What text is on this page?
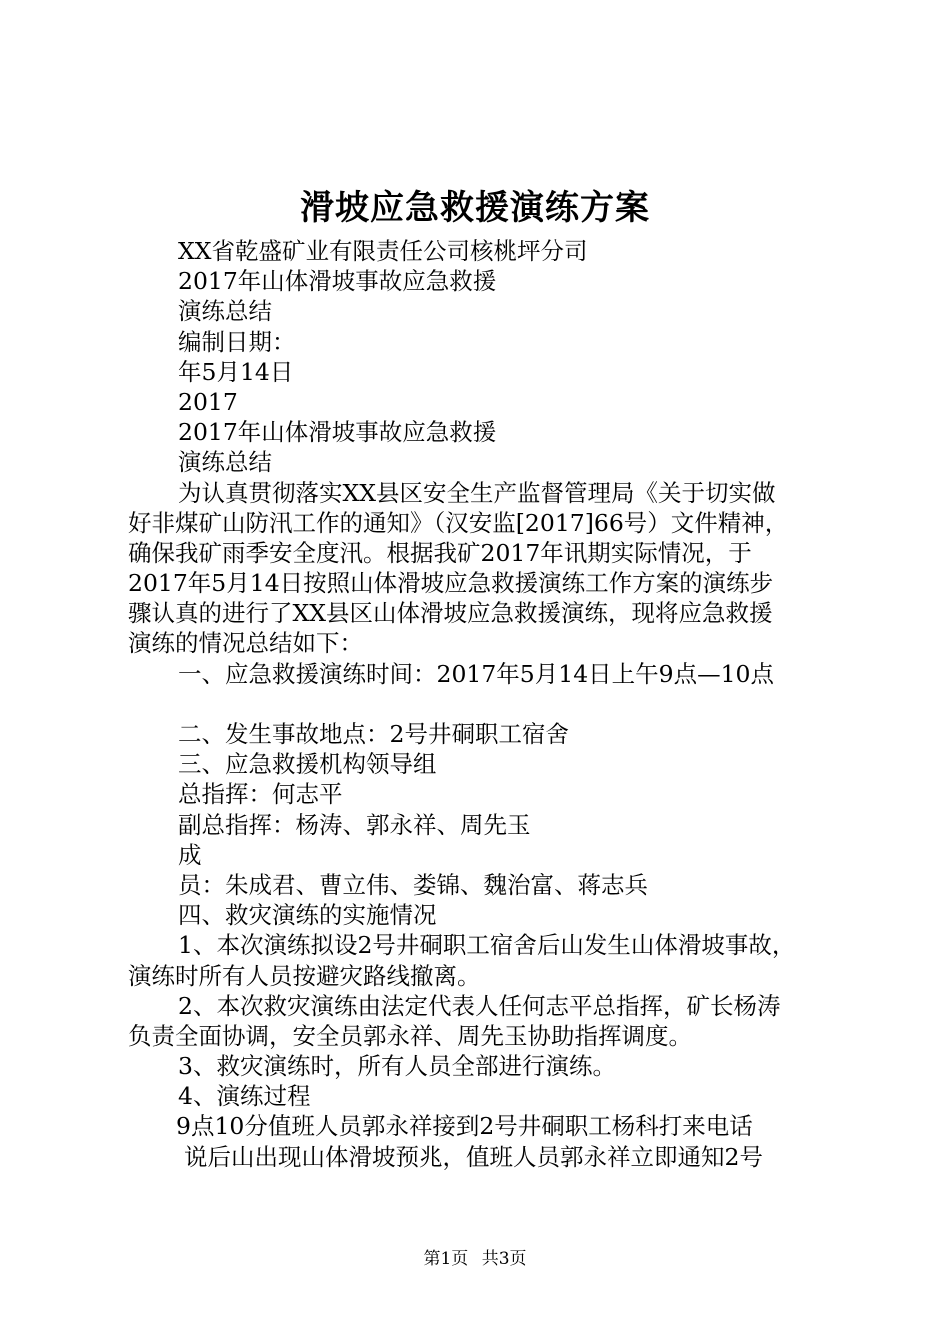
滑坡应急救援演练方案
XX省乾盛矿业有限责任公司核桃坪分司
2017年山体滑坡事故应急救援
演练总结
编制日期：
年5月14日
2017
2017年山体滑坡事故应急救援
演练总结
为认真贯彻落实XX县区安全生产监督管理局《关于切实做
好非煤矿山防汛工作的通知》（汉安监[2017]66号）文件精神，
确保我矿雨季安全度汛。根据我矿2017年讯期实际情况，于
2017年5月14日按照山体滑坡应急救援演练工作方案的演练步
骤认真的进行了XX县区山体滑坡应急救援演练，现将应急救援
演练的情况总结如下：
一、应急救援演练时间：2017年5月14日上午9点—10点
二、发生事故地点：2号井硐职工宿舍
三、应急救援机构领导组
总指挥：何志平
副总指挥：杨涛、郭永祥、周先玉
成
员：朱成君、曹立伟、娄锦、魏治富、蒋志兵
四、救灾演练的实施情况
1、本次演练拟设2号井硐职工宿舍后山发生山体滑坡事故，
演练时所有人员按避灾路线撤离。
2、本次救灾演练由法定代表人任何志平总指挥，矿长杨涛
负责全面协调，安全员郭永祥、周先玉协助指挥调度。
3、救灾演练时，所有人员全部进行演练。
4、演练过程
9点10分值班人员郭永祥接到2号井硐职工杨科打来电话
说后山出现山体滑坡预兆，值班人员郭永祥立即通知2号
第1页 共3页
